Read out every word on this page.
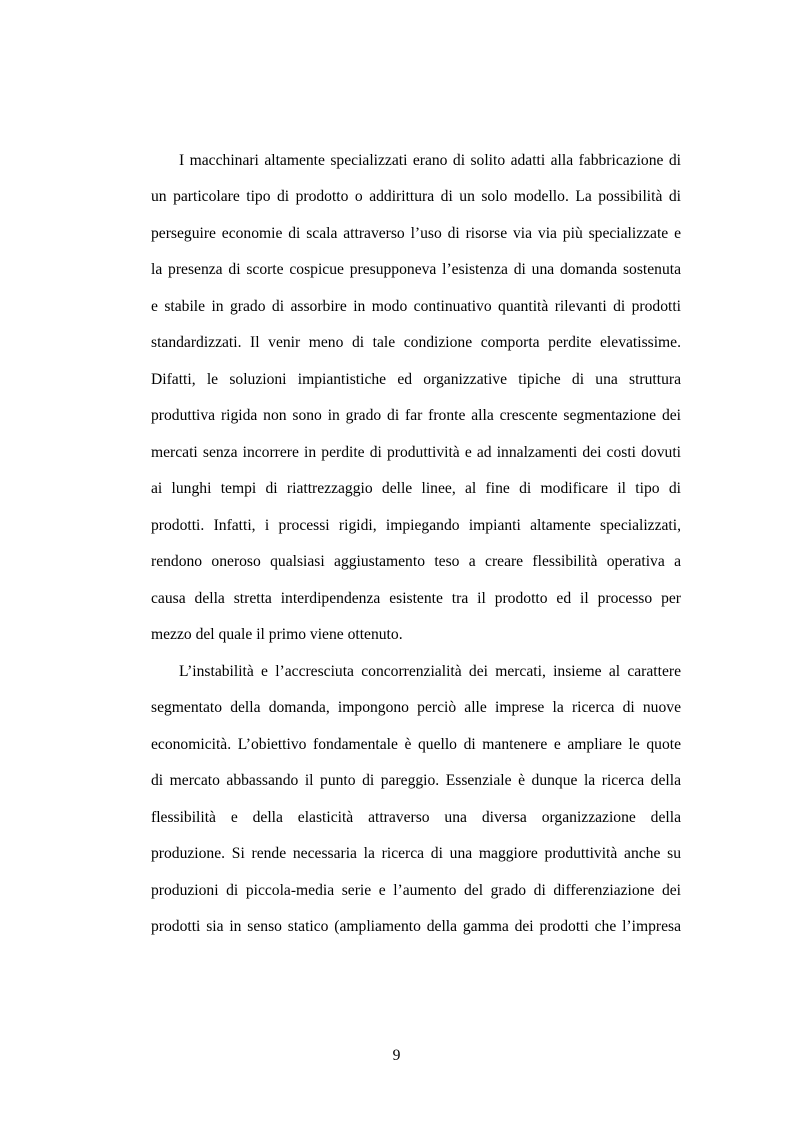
I macchinari altamente specializzati erano di solito adatti alla fabbricazione di
un particolare tipo di prodotto o addirittura di un solo modello. La possibilità di
perseguire economie di scala attraverso l’uso di risorse via via più specializzate e
la presenza di scorte cospicue presupponeva l’esistenza di una domanda sostenuta
e stabile in grado di assorbire in modo continuativo quantità rilevanti di prodotti
standardizzati. Il venir meno di tale condizione comporta perdite elevatissime.
Difatti, le soluzioni impiantistiche ed organizzative tipiche di una struttura
produttiva rigida non sono in grado di far fronte alla crescente segmentazione dei
mercati senza incorrere in perdite di produttività e ad innalzamenti dei costi dovuti
ai lunghi tempi di riattrezzaggio delle linee, al fine di modificare il tipo di
prodotti. Infatti, i processi rigidi, impiegando impianti altamente specializzati,
rendono oneroso qualsiasi aggiustamento teso a creare flessibilità operativa a
causa della stretta interdipendenza esistente tra il prodotto ed il processo per
mezzo del quale il primo viene ottenuto.
L’instabilità e l’accresciuta concorrenzialità dei mercati, insieme al carattere
segmentato della domanda, impongono perciò alle imprese la ricerca di nuove
economicità. L’obiettivo fondamentale è quello di mantenere e ampliare le quote
di mercato abbassando il punto di pareggio. Essenziale è dunque la ricerca della
flessibilità e della elasticità attraverso una diversa organizzazione della
produzione. Si rende necessaria la ricerca di una maggiore produttività anche su
produzioni di piccola-media serie e l’aumento del grado di differenziazione dei
prodotti sia in senso statico (ampliamento della gamma dei prodotti che l’impresa
9
